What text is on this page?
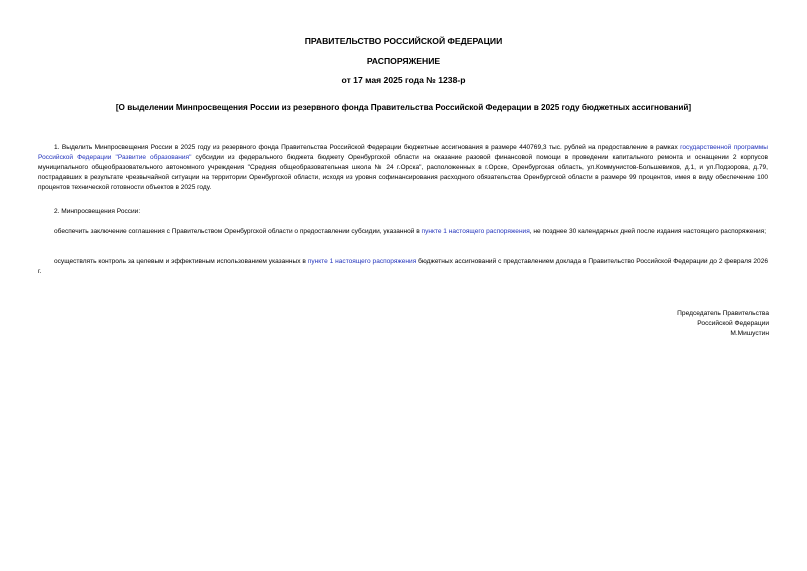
ПРАВИТЕЛЬСТВО РОССИЙСКОЙ ФЕДЕРАЦИИ
РАСПОРЯЖЕНИЕ
от 17 мая 2025 года № 1238-р
[О выделении Минпросвещения России из резервного фонда Правительства Российской Федерации в 2025 году бюджетных ассигнований]
1. Выделить Минпросвещения России в 2025 году из резервного фонда Правительства Российской Федерации бюджетные ассигнования в размере 440769,3 тыс. рублей на предоставление в рамках государственной программы Российской Федерации "Развитие образования" субсидии из федерального бюджета бюджету Оренбургской области на оказание разовой финансовой помощи в проведении капитального ремонта и оснащении 2 корпусов муниципального общеобразовательного автономного учреждения "Средняя общеобразовательная школа № 24 г.Орска", расположенных в г.Орске, Оренбургская область, ул.Коммунистов-Большевиков, д.1, и ул.Подзорова, д.79, пострадавших в результате чрезвычайной ситуации на территории Оренбургской области, исходя из уровня софинансирования расходного обязательства Оренбургской области в размере 99 процентов, имея в виду обеспечение 100 процентов технической готовности объектов в 2025 году.
2. Минпросвещения России:
обеспечить заключение соглашения с Правительством Оренбургской области о предоставлении субсидии, указанной в пункте 1 настоящего распоряжения, не позднее 30 календарных дней после издания настоящего распоряжения;
осуществлять контроль за целевым и эффективным использованием указанных в пункте 1 настоящего распоряжения бюджетных ассигнований с представлением доклада в Правительство Российской Федерации до 2 февраля 2026 г.
Председатель Правительства
Российской Федерации
М.Мишустин
